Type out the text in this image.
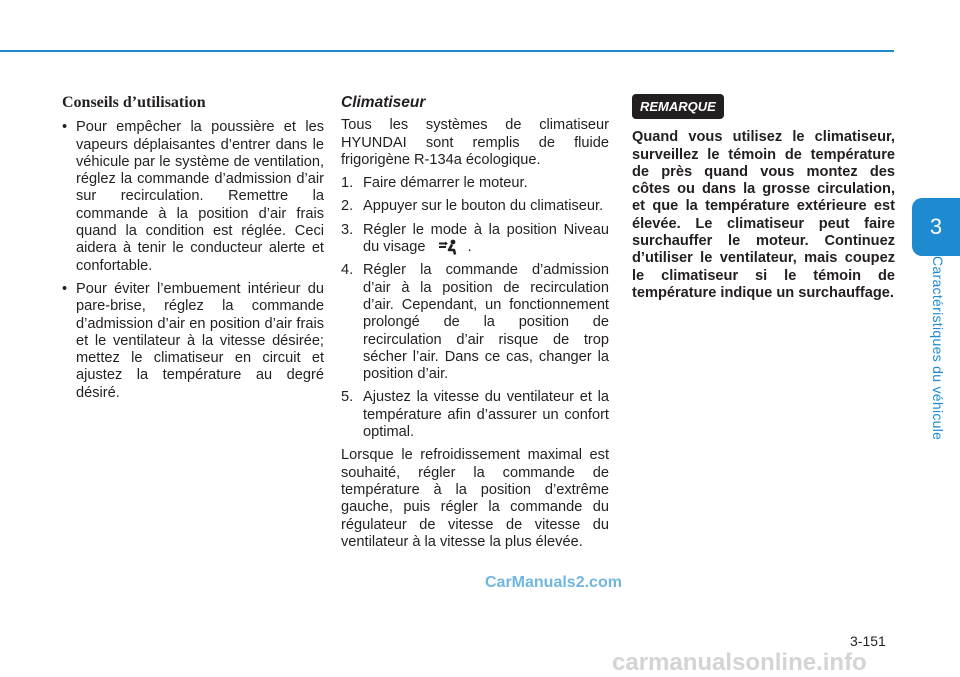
Conseils d’utilisation
• Pour empêcher la poussière et les vapeurs déplaisantes d’entrer dans le véhicule par le système de ventilation, réglez la commande d’admission d’air sur recirculation. Remettre la commande à la position d’air frais quand la condition est réglée. Ceci aidera à tenir le conducteur alerte et confortable.
• Pour éviter l’embuement intérieur du pare-brise, réglez la commande d’admission d’air en position d’air frais et le ventilateur à la vitesse désirée; mettez le climatiseur en circuit et ajustez la température au degré désiré.
Climatiseur

Tous les systèmes de climatiseur HYUNDAI sont remplis de fluide frigorigène R-134a écologique.

1. Faire démarrer le moteur.
2. Appuyer sur le bouton du climatiseur.
3. Régler le mode à la position Niveau du visage	.
4. Régler la commande d’admission d’air à la position de recirculation d’air. Cependant, un fonctionnement prolongé de la position de recirculation d’air risque de trop sécher l’air. Dans ce cas, changer la position d’air.
5. Ajustez la vitesse du ventilateur et la température afin d’assurer un confort optimal.

Lorsque le refroidissement maximal est souhaité, régler la commande de température à la position d’extrême gauche, puis régler la commande du régulateur de vitesse de vitesse du ventilateur à la vitesse la plus élevée.

REMARQUE

Quand vous utilisez le climatiseur, surveillez le témoin de température de près quand vous montez des côtes ou dans la grosse circulation, et que la température extérieure est élevée. Le climatiseur peut faire surchauffer le moteur. Continuez d’utiliser le ventilateur, mais coupez le climatiseur si le témoin de température indique un surchauffage.

3
Caractéristiques du véhicule
3-151
CarManuals2.com
carmanualsonline.info
